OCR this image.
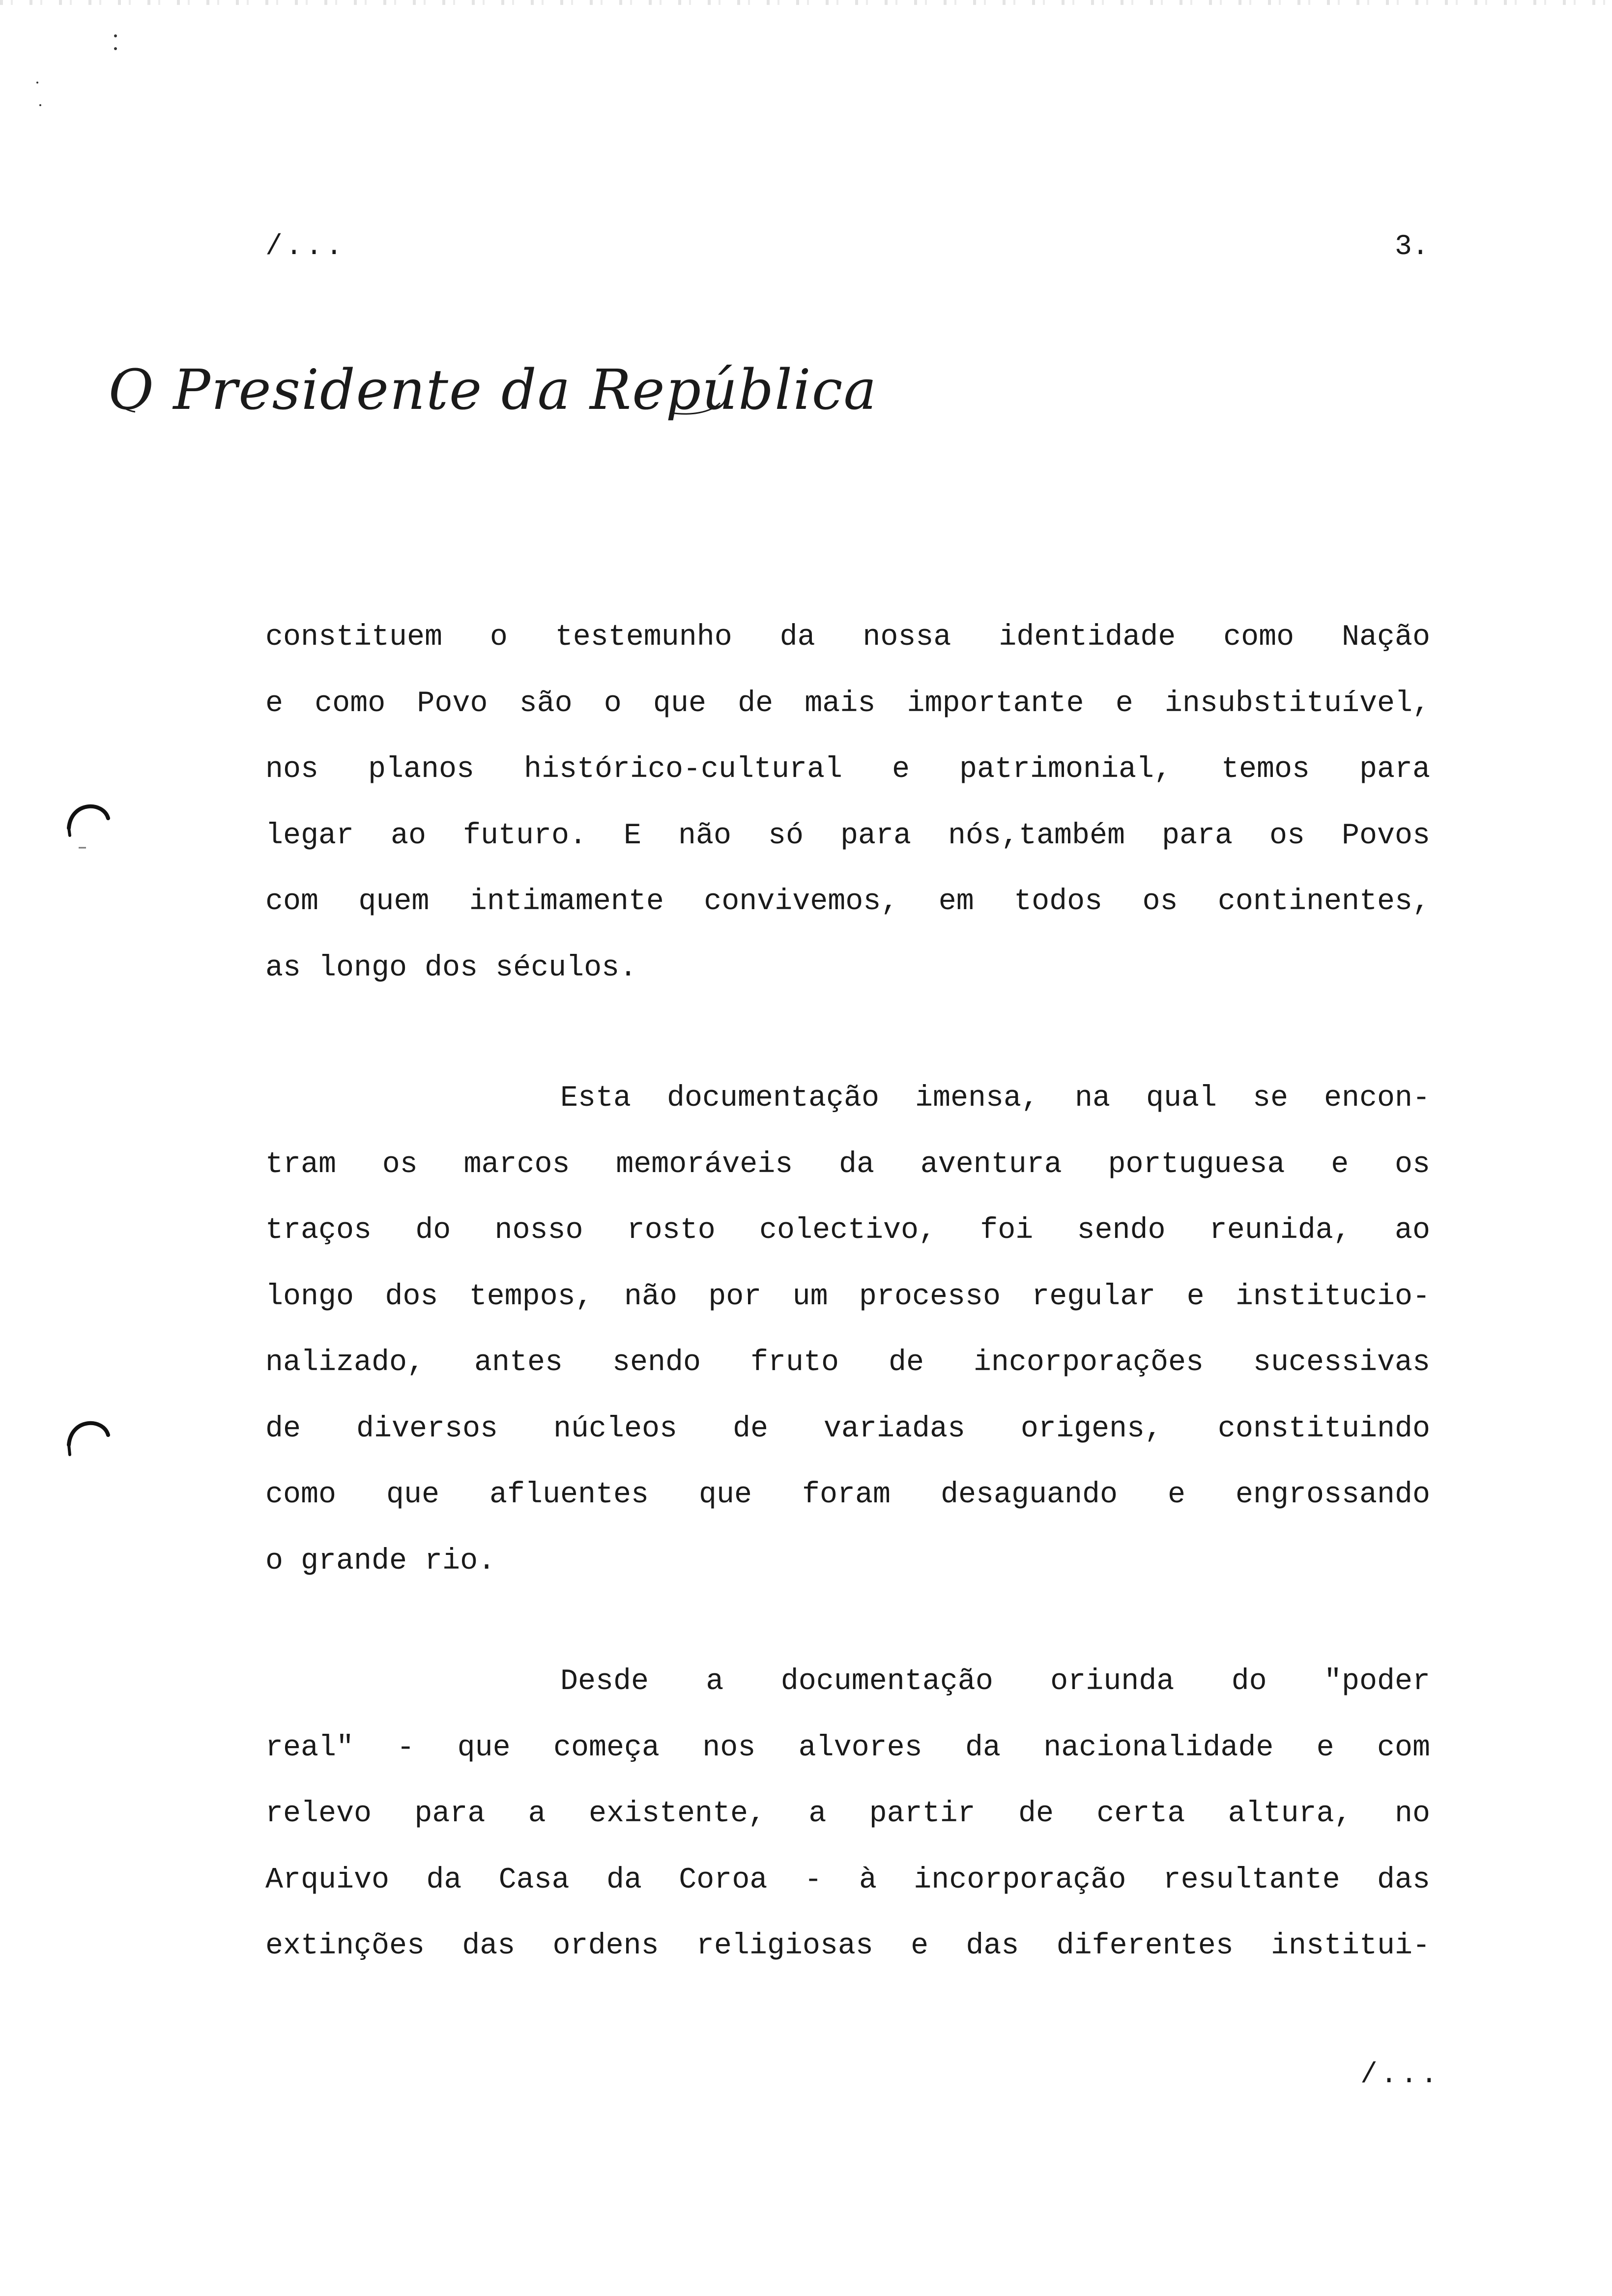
/...	3.
O Presidente da República
constituem o testemunho da nossa identidade como Nação
e como Povo são o que de mais importante e insubstituível,
nos planos histórico-cultural e patrimonial, temos para
legar ao futuro. E não só para nós,também para os Povos
com quem intimamente convivemos, em todos os continentes,
as longo dos séculos.
Esta documentação imensa, na qual se encon-
tram os marcos memoráveis da aventura portuguesa e os
traços do nosso rosto colectivo, foi sendo reunida, ao
longo dos tempos, não por um processo regular e institucio-
nalizado, antes sendo fruto de incorporações sucessivas
de diversos núcleos de variadas origens, constituindo
como que afluentes que foram desaguando e engrossando
o grande rio.
Desde a documentação oriunda do "poder
real" - que começa nos alvores da nacionalidade e com
relevo para a existente, a partir de certa altura, no
Arquivo da Casa da Coroa - à incorporação resultante das
extinções das ordens religiosas e das diferentes institui-
/...
